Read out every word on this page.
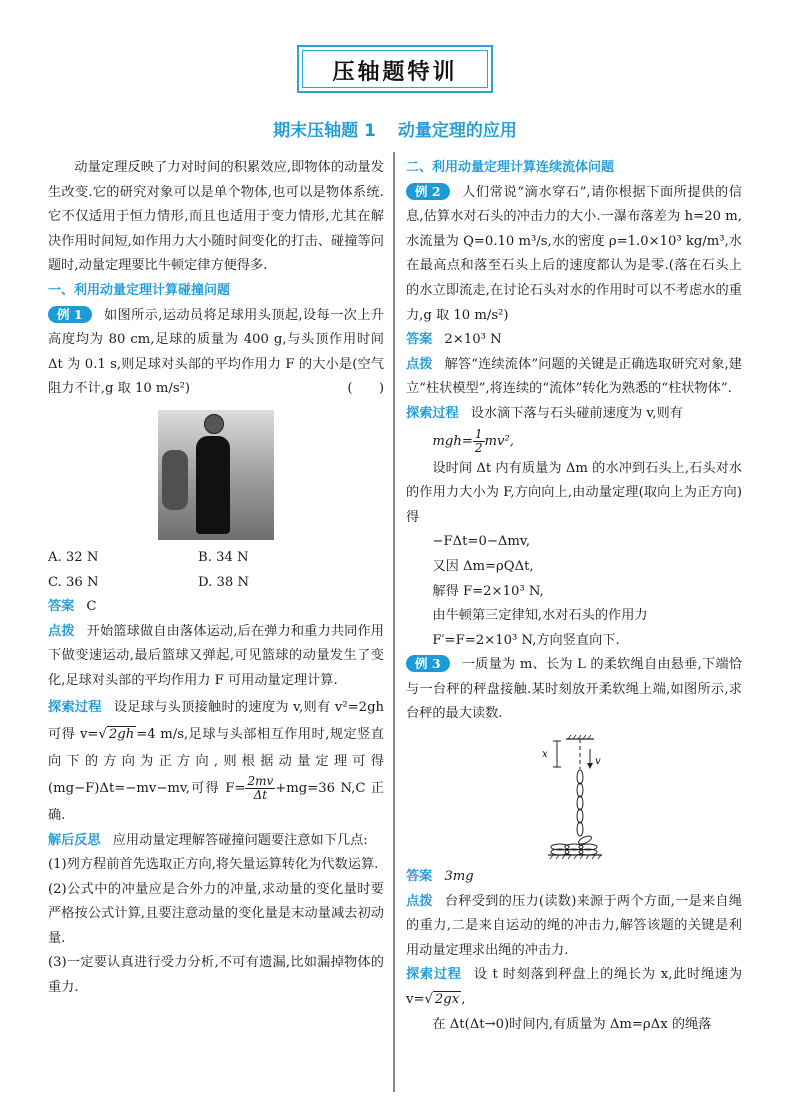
压轴题特训
期末压轴题 1 动量定理的应用

动量定理反映了力对时间的积累效应,即物体的动量发生改变.它的研究对象可以是单个物体,也可以是物体系统.它不仅适用于恒力情形,而且也适用于变力情形,尤其在解决作用时间短,如作用力大小随时间变化的打击、碰撞等问题时,动量定理要比牛顿定律方便得多.

一、利用动量定理计算碰撞问题

例 1 如图所示,运动员将足球用头顶起,设每一次上升高度均为 80 cm,足球的质量为 400 g,与头顶作用时间 Δt 为 0.1 s,则足球对头部的平均作用力 F 的大小是(空气阻力不计,g 取 10 m/s²)	(　　)

A. 32 N	B. 34 N
C. 36 N	D. 38 N

答案 C

点拨 开始篮球做自由落体运动,后在弹力和重力共同作用下做变速运动,最后篮球又弹起,可见篮球的动量发生了变化,足球对头部的平均作用力 F 可用动量定理计算.

探索过程 设足球与头顶接触时的速度为 v,则有 v²=2gh 可得 v=√ 2gh =4 m/s,足球与头部相互作用时,规定竖直向下的方向为正方向,则根据动量定理可得(mg−F)Δt=−mv−mv,可得 $F= \frac{2mv}{\Delta t} +mg=36$ N,C 正确.

解后反思 应用动量定理解答碰撞问题要注意如下几点:

(1)列方程前首先选取正方向,将矢量运算转化为代数运算.

(2)公式中的冲量应是合外力的冲量,求动量的变化量时要严格按公式计算,且要注意动量的变化量是末动量减去初动量.

(3)一定要认真进行受力分析,不可有遗漏,比如漏掉物体的重力.

二、利用动量定理计算连续流体问题

例 2 人们常说“滴水穿石”,请你根据下面所提供的信息,估算水对石头的冲击力的大小.一瀑布落差为 h=20 m,水流量为 Q=0.10 m³/s,水的密度 ρ=1.0×10³ kg/m³,水在最高点和落至石头上后的速度都认为是零.(落在石头上的水立即流走,在讨论石头对水的作用时可以不考虑水的重力,g 取 10 m/s²)

答案 2×10³ N

点拨 解答“连续流体”问题的关键是正确选取研究对象,建立“柱状模型”,将连续的“流体”转化为熟悉的“柱状物体”.

探索过程 设水滴下落与石头碰前速度为 v,则有

$mgh= \frac{1}{2} mv^2$,

设时间 Δt 内有质量为 Δm 的水冲到石头上,石头对水的作用力大小为 F,方向向上,由动量定理(取向上为正方向)得

−FΔt=0−Δmv,

又因 Δm=ρQΔt,

解得 F=2×10³ N,

由牛顿第三定律知,水对石头的作用力

F′=F=2×10³ N,方向竖直向下.

例 3 一质量为 m、长为 L 的柔软绳自由悬垂,下端恰与一台秤的秤盘接触.某时刻放开柔软绳上端,如图所示,求台秤的最大读数.

x
v

答案 3mg

点拨 台秤受到的压力(读数)来源于两个方面,一是来自绳的重力,二是来自运动的绳的冲击力,解答该题的关键是利用动量定理求出绳的冲击力.

探索过程 设 t 时刻落到秤盘上的绳长为 x,此时绳速为 v=√ 2gx ,

在 Δt(Δt→0)时间内,有质量为 Δm=ρΔx 的绳落
